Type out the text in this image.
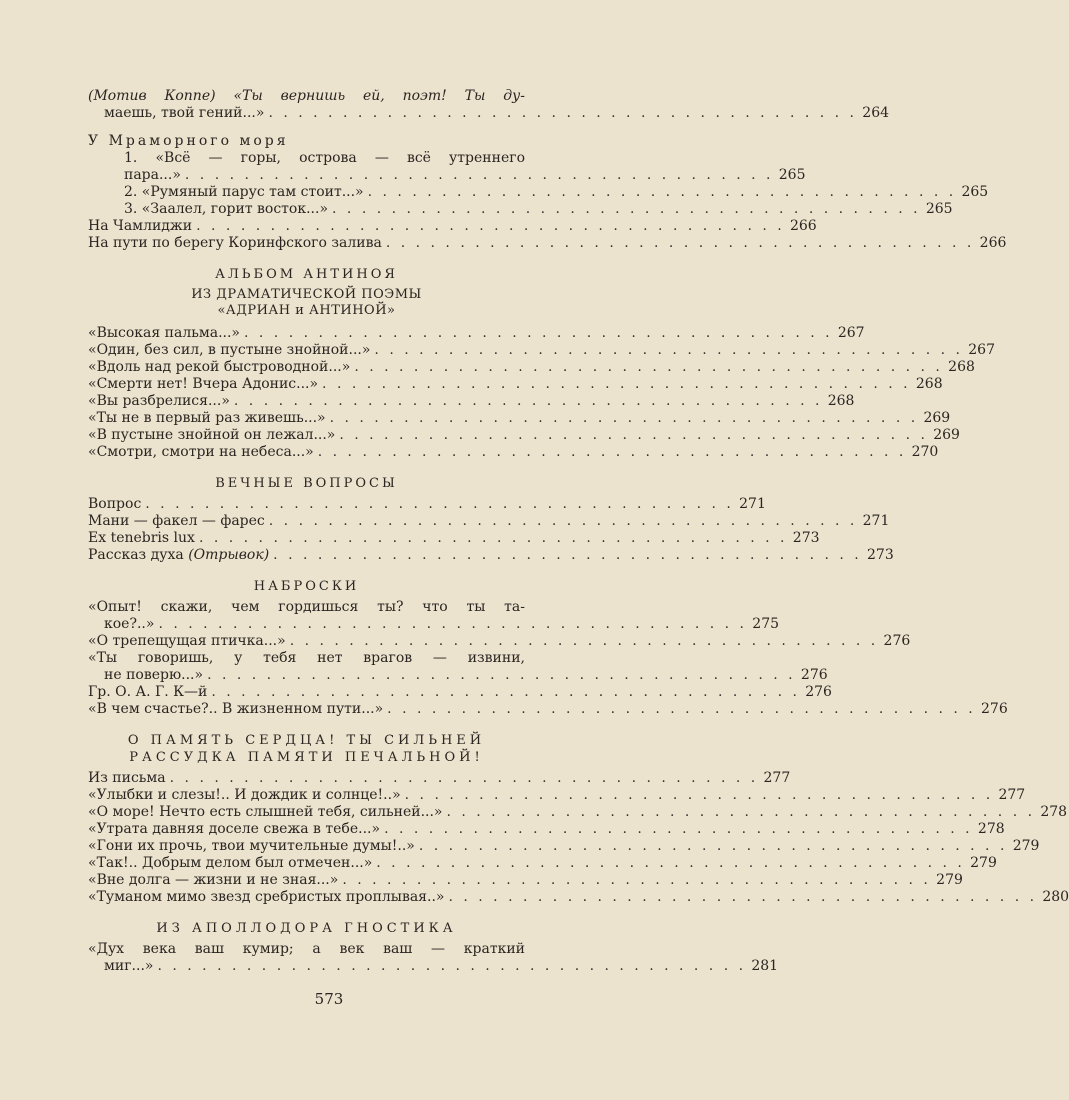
(Мотив Коппе) «Ты вернишь ей, поэт! Ты ду-
маешь, твой гений...» . . . . . . . . . . . . . . . . . . . . . . . . . . . . . . . . . . . . . . . . 264
У Мраморного моря
1. «Всё — горы, острова — всё утреннего
пара...» . . . . . . . . . . . . . . . . . . . . . . . . . . . . . . . . . . . . . . . . 265
2. «Румяный парус там стоит...» . . . . . . . . . . . . . . . . . . . . . . . . . . . . . . . . . . . . . . . . 265
3. «Заалел, горит восток...» . . . . . . . . . . . . . . . . . . . . . . . . . . . . . . . . . . . . . . . . 265
На Чамлиджи . . . . . . . . . . . . . . . . . . . . . . . . . . . . . . . . . . . . . . . . 266
На пути по берегу Коринфского залива . . . . . . . . . . . . . . . . . . . . . . . . . . . . . . . . . . . . . . . . 266
АЛЬБОМ АНТИНОЯ
ИЗ ДРАМАТИЧЕСКОЙ ПОЭМЫ
«АДРИАН и АНТИНОЙ»
«Высокая пальма...» . . . . . . . . . . . . . . . . . . . . . . . . . . . . . . . . . . . . . . . . 267
«Один, без сил, в пустыне знойной...» . . . . . . . . . . . . . . . . . . . . . . . . . . . . . . . . . . . . . . . . 267
«Вдоль над рекой быстроводной...» . . . . . . . . . . . . . . . . . . . . . . . . . . . . . . . . . . . . . . . . 268
«Смерти нет! Вчера Адонис...» . . . . . . . . . . . . . . . . . . . . . . . . . . . . . . . . . . . . . . . . 268
«Вы разбрелися...» . . . . . . . . . . . . . . . . . . . . . . . . . . . . . . . . . . . . . . . . 268
«Ты не в первый раз живешь...» . . . . . . . . . . . . . . . . . . . . . . . . . . . . . . . . . . . . . . . . 269
«В пустыне знойной он лежал...» . . . . . . . . . . . . . . . . . . . . . . . . . . . . . . . . . . . . . . . . 269
«Смотри, смотри на небеса...» . . . . . . . . . . . . . . . . . . . . . . . . . . . . . . . . . . . . . . . . 270
ВЕЧНЫЕ ВОПРОСЫ
Вопрос . . . . . . . . . . . . . . . . . . . . . . . . . . . . . . . . . . . . . . . . 271
Мани — факел — фарес . . . . . . . . . . . . . . . . . . . . . . . . . . . . . . . . . . . . . . . . 271
Ex tenebris lux . . . . . . . . . . . . . . . . . . . . . . . . . . . . . . . . . . . . . . . . 273
Рассказ духа (Отрывок) . . . . . . . . . . . . . . . . . . . . . . . . . . . . . . . . . . . . . . . . 273
НАБРОСКИ
«Опыт! скажи, чем гордишься ты? что ты та-
кое?..» . . . . . . . . . . . . . . . . . . . . . . . . . . . . . . . . . . . . . . . . 275
«О трепещущая птичка...» . . . . . . . . . . . . . . . . . . . . . . . . . . . . . . . . . . . . . . . . 276
«Ты говоришь, у тебя нет врагов — извини,
не поверю...» . . . . . . . . . . . . . . . . . . . . . . . . . . . . . . . . . . . . . . . . 276
Гр. О. А. Г. К—й . . . . . . . . . . . . . . . . . . . . . . . . . . . . . . . . . . . . . . . . 276
«В чем счастье?.. В жизненном пути...» . . . . . . . . . . . . . . . . . . . . . . . . . . . . . . . . . . . . . . . . 276
О ПАМЯТЬ СЕРДЦА! ТЫ СИЛЬНЕЙ
РАССУДКА ПАМЯТИ ПЕЧАЛЬНОЙ!
Из письма . . . . . . . . . . . . . . . . . . . . . . . . . . . . . . . . . . . . . . . . 277
«Улыбки и слезы!.. И дождик и солнце!..» . . . . . . . . . . . . . . . . . . . . . . . . . . . . . . . . . . . . . . . . 277
«О море! Нечто есть слышней тебя, сильней...» . . . . . . . . . . . . . . . . . . . . . . . . . . . . . . . . . . . . . . . . 278
«Утрата давняя доселе свежа в тебе...» . . . . . . . . . . . . . . . . . . . . . . . . . . . . . . . . . . . . . . . . 278
«Гони их прочь, твои мучительные думы!..» . . . . . . . . . . . . . . . . . . . . . . . . . . . . . . . . . . . . . . . . 279
«Так!.. Добрым делом был отмечен...» . . . . . . . . . . . . . . . . . . . . . . . . . . . . . . . . . . . . . . . . 279
«Вне долга — жизни и не зная...» . . . . . . . . . . . . . . . . . . . . . . . . . . . . . . . . . . . . . . . . 279
«Туманом мимо звезд сребристых проплывая..» . . . . . . . . . . . . . . . . . . . . . . . . . . . . . . . . . . . . . . . . 280
ИЗ АПОЛЛОДОРА ГНОСТИКА
«Дух века ваш кумир; а век ваш — краткий
миг...» . . . . . . . . . . . . . . . . . . . . . . . . . . . . . . . . . . . . . . . . 281
573
